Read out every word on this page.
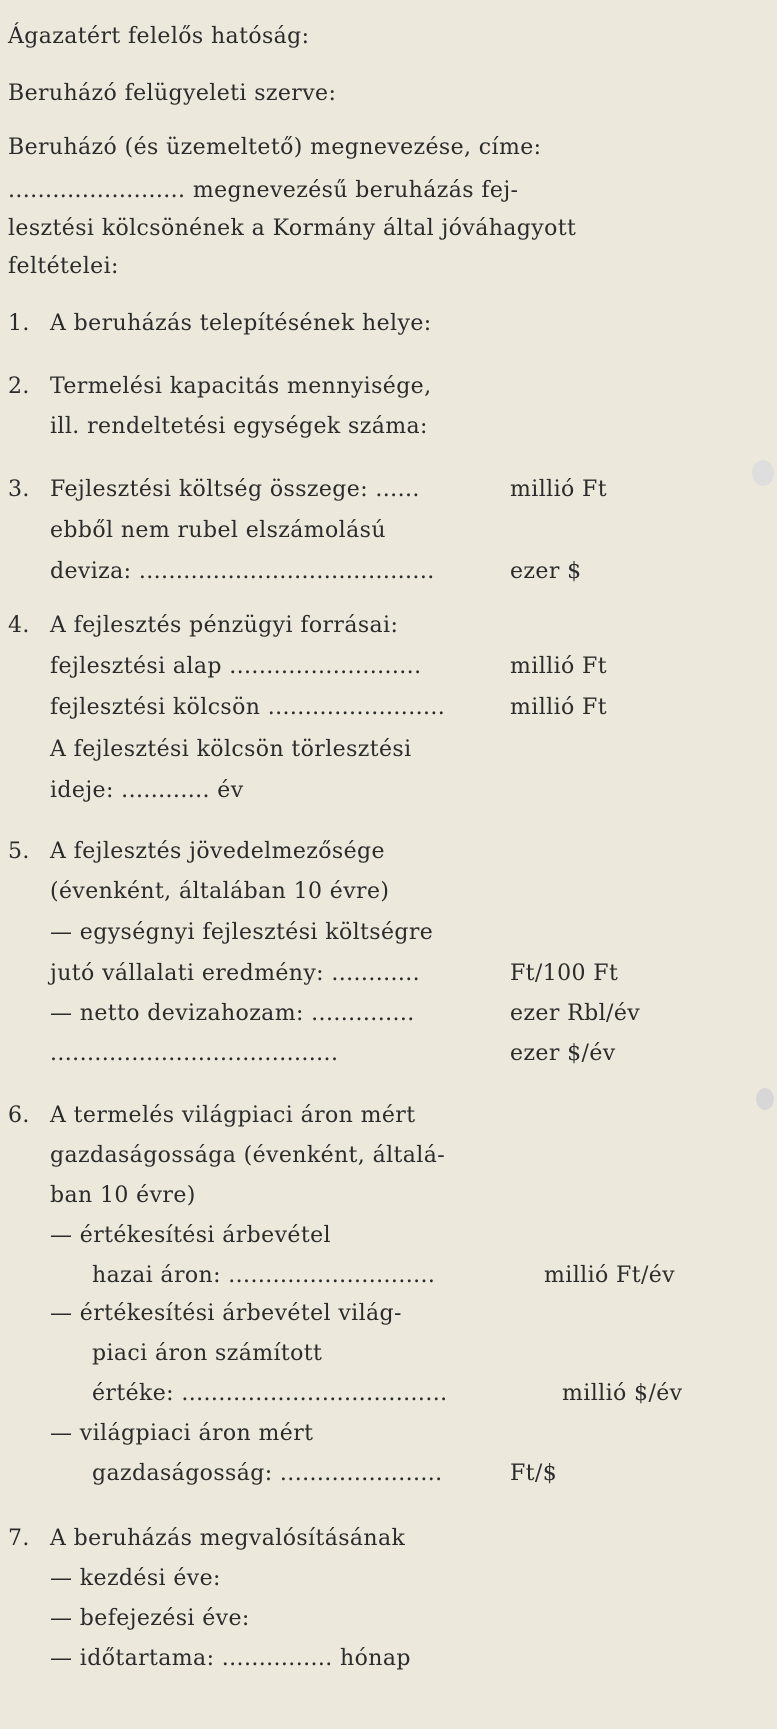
Ágazatért felelős hatóság:
Beruházó felügyeleti szerve:
Beruházó (és üzemeltető) megnevezése, címe:
........................ megnevezésű beruházás fej-
lesztési kölcsönének a Kormány által jóváhagyott
feltételei:
1. A beruházás telepítésének helye:
2. Termelési kapacitás mennyisége,
ill. rendeltetési egységek száma:
3. Fejlesztési költség összege: ......	millió Ft
ebből nem rubel elszámolású
deviza: ........................................	ezer $
4. A fejlesztés pénzügyi forrásai:
fejlesztési alap ..........................	millió Ft
fejlesztési kölcsön ........................	millió Ft
A fejlesztési kölcsön törlesztési
ideje: ............ év
5. A fejlesztés jövedelmezősége
(évenként, általában 10 évre)
— egységnyi fejlesztési költségre
jutó vállalati eredmény: ............	Ft/100 Ft
— netto devizahozam: ..............	ezer Rbl/év
.......................................	ezer $/év
6. A termelés világpiaci áron mért
gazdaságossága (évenként, általá-
ban 10 évre)
— értékesítési árbevétel
hazai áron: ............................	millió Ft/év
— értékesítési árbevétel világ-
piaci áron számított
értéke: ....................................	millió $/év
— világpiaci áron mért
gazdaságosság: ......................	Ft/$
7. A beruházás megvalósításának
— kezdési éve:
— befejezési éve:
— időtartama: ............... hónap
